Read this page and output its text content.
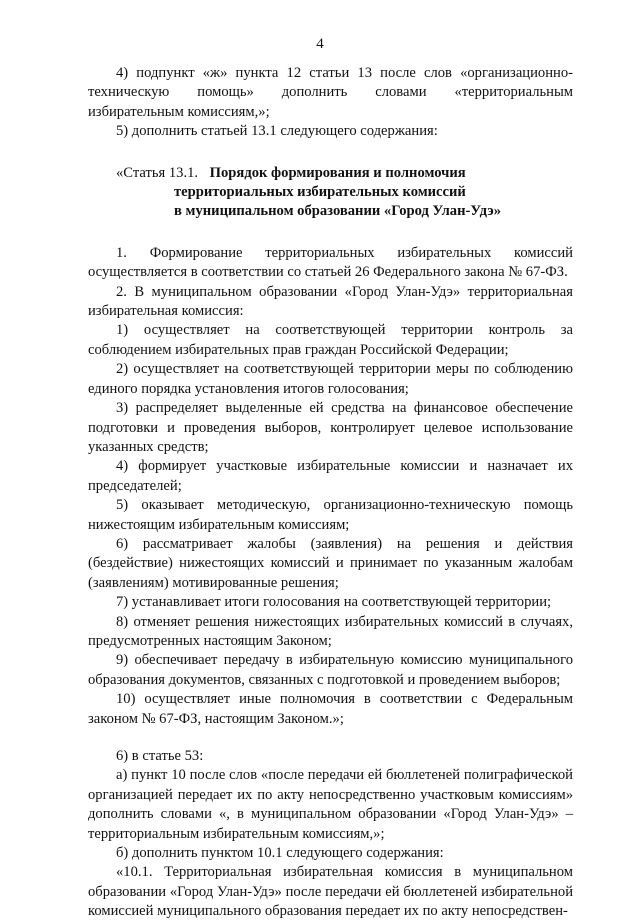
4

4) подпункт «ж» пункта 12 статьи 13 после слов «организационно-техническую помощь» дополнить словами «территориальным избирательным комиссиям,»;

5) дополнить статьей 13.1 следующего содержания:

«Статья 13.1. Порядок формирования и полномочия
территориальных избирательных комиссий
в муниципальном образовании «Город Улан-Удэ»

1. Формирование территориальных избирательных комиссий осуществляется в соответствии со статьей 26 Федерального закона № 67-ФЗ.

2. В муниципальном образовании «Город Улан-Удэ» территориальная избирательная комиссия:

1) осуществляет на соответствующей территории контроль за соблюдением избирательных прав граждан Российской Федерации;

2) осуществляет на соответствующей территории меры по соблюдению единого порядка установления итогов голосования;

3) распределяет выделенные ей средства на финансовое обеспечение подготовки и проведения выборов, контролирует целевое использование указанных средств;

4) формирует участковые избирательные комиссии и назначает их председателей;

5) оказывает методическую, организационно-техническую помощь нижестоящим избирательным комиссиям;

6) рассматривает жалобы (заявления) на решения и действия (бездействие) нижестоящих комиссий и принимает по указанным жалобам (заявлениям) мотивированные решения;

7) устанавливает итоги голосования на соответствующей территории;

8) отменяет решения нижестоящих избирательных комиссий в случаях, предусмотренных настоящим Законом;

9) обеспечивает передачу в избирательную комиссию муниципального образования документов, связанных с подготовкой и проведением выборов;

10) осуществляет иные полномочия в соответствии с Федеральным законом № 67-ФЗ, настоящим Законом.»;

6) в статье 53:

а) пункт 10 после слов «после передачи ей бюллетеней полиграфической организацией передает их по акту непосредственно участковым комиссиям» дополнить словами «, в муниципальном образовании «Город Улан-Удэ» – территориальным избирательным комиссиям,»;

б) дополнить пунктом 10.1 следующего содержания:

«10.1. Территориальная избирательная комиссия в муниципальном образовании «Город Улан-Удэ» после передачи ей бюллетеней избирательной комиссией муниципального образования передает их по акту непосредствен-
